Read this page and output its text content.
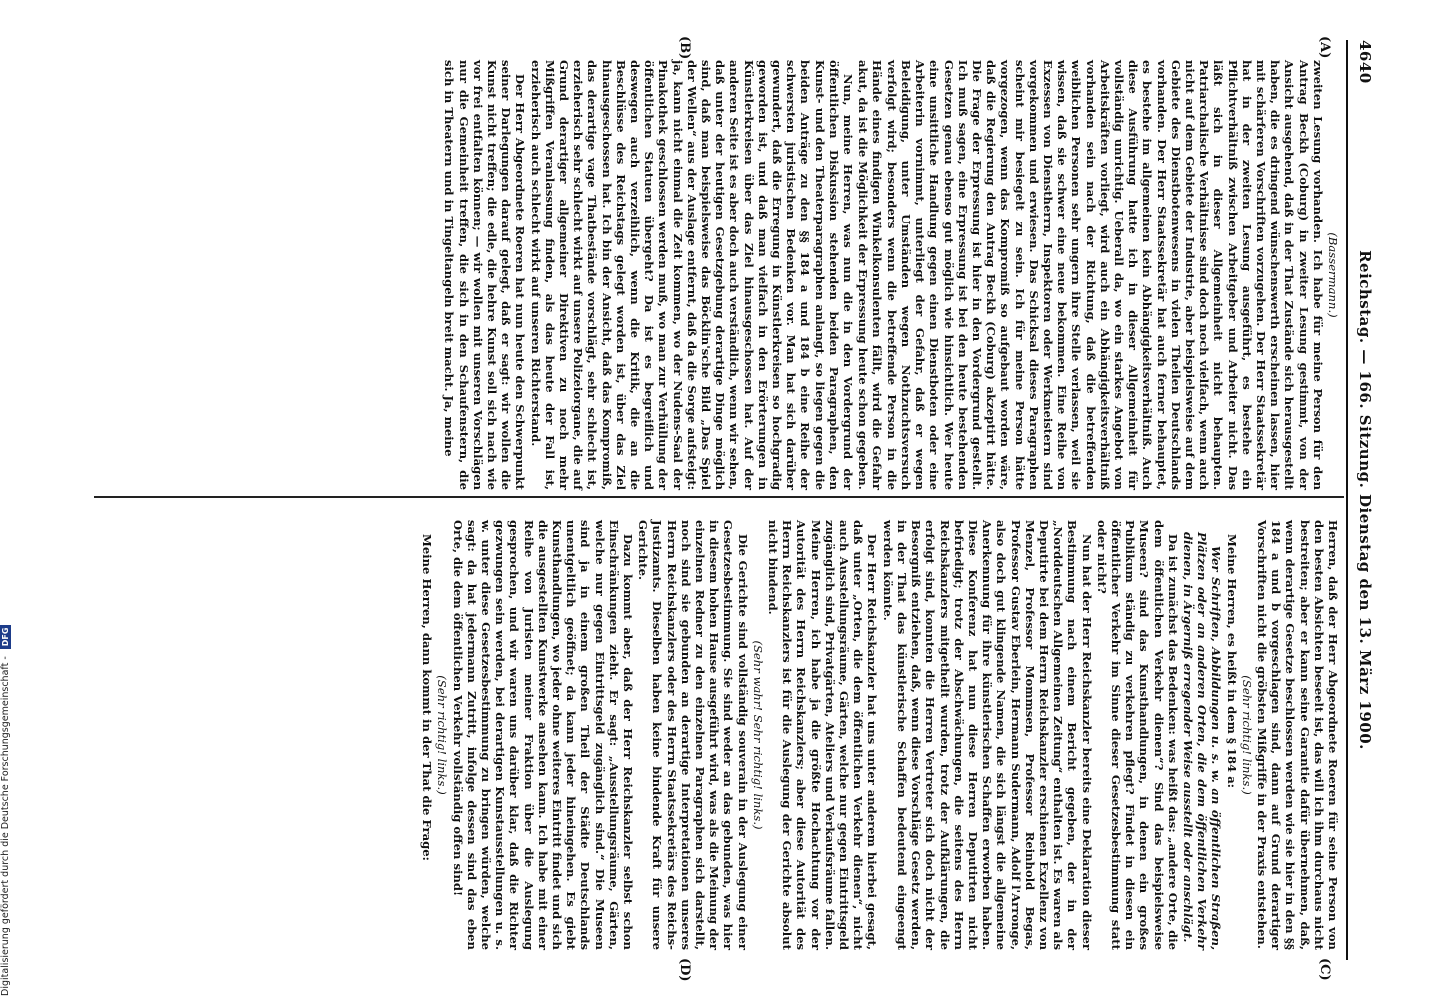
4640
Reichstag. — 166. Sitzung. Dienstag den 13. März 1900.
(A)
(B)
(C)
(D)

(Bassermann.)

zweiten Lesung vorhanden. Ich habe für meine Person für den Antrag Beckh (Coburg) in zweiter Lesung gestimmt, von der Ansicht ausgehend, daß in der That Zustände sich herausgestellt haben, die es dringend wünschenswerth erscheinen lassen, hier mit schärferen Vorschriften vorzugehen. Der Herr Staatssekretär hat in der zweiten Lesung ausgeführt, es bestehe ein Pflichtverhältniß zwischen Arbeitgeber und Arbeiter nicht. Das läßt sich in dieser Allgemeinheit nicht behaupten. Patriarchalische Verhältnisse sind doch noch vielfach, wenn auch nicht auf dem Gebiete der Industrie, aber beispielsweise auf dem Gebiete des Dienstbotenwesens in vielen Theilen Deutschlands vorhanden. Der Herr Staatssekretär hat auch ferner behauptet, es bestehe im allgemeinen kein Abhängigkeitsverhältniß. Auch diese Ausführung hatte ich in dieser Allgemeinheit für vollständig unrichtig. Ueberall da, wo ein starkes Angebot von Arbeitskräften vorliegt, wird auch ein Abhängigkeitsverhältniß vorhanden sein nach der Richtung, daß die betreffenden weiblichen Personen sehr ungern ihre Stelle verlassen, weil sie wissen, daß sie schwer eine neue bekommen. Eine Reihe von Exzessen von Dienstherrn, Inspektoren oder Werkmeistern sind vorgekommen und erwiesen. Das Schicksal dieses Paragraphen scheint mir besiegelt zu sein. Ich für meine Person hätte vorgezogen, wenn das Kompromiß so aufgebaut worden wäre, daß die Regierung den Antrag Beckh (Coburg) akzeptirt hätte. Die Frage der Erpressung ist hier in den Vordergrund gestellt. Ich muß sagen, eine Erpressung ist bei den heute bestehenden Gesetzen genau ebenso gut möglich wie hinsichtlich. Wer heute eine unsittliche Handlung gegen einen Dienstboten oder eine Arbeiterin vornimmt, unterliegt der Gefahr, daß er wegen Beleidigung, unter Umständen wegen Nothzuchtsversuch verfolgt wird; besonders wenn die betreffende Person in die Hände eines findigen Winkelkonsulenten fällt, wird die Gefahr akut, da ist die Möglichkeit der Erpressung heute schon gegeben.

Nun, meine Herren, was nun die in den Vordergrund der öffentlichen Diskussion stehenden beiden Paragraphen, den Kunst- und den Theaterparagraphen anlangt, so liegen gegen die beiden Anträge zu den §§ 184 a und 184 b eine Reihe der schwersten juristischen Bedenken vor. Man hat sich darüber gewundert, daß die Erregung in Künstlerkreisen so hochgradig geworden ist, und daß man vielfach in den Erörterungen in Künstlerkreisen über das Ziel hinausgeschossen hat. Auf der anderen Seite ist es aber doch auch verständlich, wenn wir sehen, daß unter der heutigen Gesetzgebung derartige Dinge möglich sind, daß man beispielsweise das Böcklin'sche Bild „Das Spiel der Wellen“ aus der Auslage entfernt, daß da die Sorge aufsteigt: ja, kann nicht einmal die Zeit kommen, wo der Nudens-Saal der Pinakothek geschlossen werden muß, wo man zur Verhüllung der öffentlichen Statuen übergeht? Da ist es begreiflich und deswegen auch verzeihlich, wenn die Kritik, die an die Beschlüsse des Reichstags gelegt worden ist, über das Ziel hinausgeschossen hat. Ich bin der Ansicht, daß das Kompromiß, das derartige vage Thatbestände vorschlägt, sehr schlecht ist, erzieherisch sehr schlecht wirkt auf unsere Polizeiorgane, die auf Grund derartiger allgemeiner Direktiven zu noch mehr Mißgriffen Veranlassung finden, als das heute der Fall ist, erzieherisch auch schlecht wirkt auf unseren Richterstand.

Der Herr Abgeordnete Roeren hat nun heute den Schwerpunkt seiner Darlegungen darauf gelegt, daß er sagt: wir wollen die Kunst nicht treffen; die edle, die hehre Kunst soll sich nach wie vor frei entfalten können; — wir wollen mit unseren Vorschlägen nur die Gemeinheit treffen, die sich in den Schaufenstern, die sich in Theatern und in Tingeltangeln breit macht. Ja, meine

Herren, daß der Herr Abgeordnete Roeren für seine Person von den besten Absichten beseelt ist, das will ich ihm durchaus nicht bestreiten; aber er kann seine Garantie dafür übernehmen, daß, wenn derartige Gesetze beschlossen werden wie sie hier in den §§ 184 a und b vorgeschlagen sind, dann auf Grund derartiger Vorschriften nicht die gröbsten Mißgriffe in der Praxis entstehen.

(Sehr richtig! links.)

Meine Herren, es heißt in dem § 184 a:

Wer Schriften, Abbildungen u. s. w. an öffentlichen Straßen, Plätzen oder an anderen Orten, die dem öffentlichen Verkehr dienen, in Ärgerniß erregender Weise ausstellt oder anschlägt.

Da ist zunächst das Bedenken: was heißt das: „andere Orte, die dem öffentlichen Verkehr dienen“? Sind das beispielsweise Museen? sind das Kunsthandlungen, in denen ein großes Publikum ständig zu verkehren pflegt? Findet in diesen ein öffentlicher Verkehr im Sinne dieser Gesetzesbestimmung statt oder nicht?

Nun hat der Herr Reichskanzler bereits eine Deklaration dieser Bestimmung nach einem Bericht gegeben, der in der „Norddeutschen Allgemeinen Zeitung“ enthalten ist. Es waren als Deputirte bei dem Herrn Reichskanzler erschienen Exzellenz von Menzel, Professor Mommsen, Professor Reinhold Begas, Professor Gustav Eberlein, Hermann Sudermann, Adolf l'Arronge, also doch gut klingende Namen, die sich längst die allgemeine Anerkennung für ihre künstlerischen Schaffen erworben haben. Diese Konferenz hat nun diese Herren Deputirten nicht befriedigt; trotz der Abschwächungen, die seitens des Herrn Reichskanzlers mitgetheilt wurden, trotz der Aufklärungen, die erfolgt sind, konnten die Herren Vertreter sich doch nicht der Besorgniß entziehen, daß, wenn diese Vorschläge Gesetz werden, in der That das künstlerische Schaffen bedeutend eingeengt werden könnte.

Der Herr Reichskanzler hat uns unter anderem hierbei gesagt, daß unter „Orten, die dem öffentlichen Verkehr dienen“, nicht auch Ausstellungsräume, Gärten, welche nur gegen Eintrittsgeld zugänglich sind, Privatgärten, Ateliers und Verkaufsräume fallen. Meine Herren, ich habe ja die größte Hochachtung vor der Autorität des Herrn Reichskanzlers; aber diese Autorität des Herrn Reichskanzlers ist für die Auslegung der Gerichte absolut nicht bindend.

(Sehr wahr! Sehr richtig! links.)

Die Gerichte sind vollständig souverain in der Auslegung einer Gesetzesbestimmung. Sie sind weder an das gebunden, was hier in diesem hohen Hause ausgeführt wird, was als die Meinung der einzelnen Redner zu den einzelnen Paragraphen sich darstellt, noch sind sie gebunden an derartige Interpretationen unseres Herrn Reichskanzlers oder des Herrn Staatssekretärs des Reichs-Justizamts. Dieselben haben keine bindende Kraft für unsere Gerichte.

Dazu kommt aber, daß der Herr Reichskanzler selbst schon Einschränkungen zieht. Er sagt: „Ausstellungsräume, Gärten, welche nur gegen Eintrittsgeld zugänglich sind.“ Die Museen sind ja in einem großen Theil der Städte Deutschlands unentgeltlich geöffnet; da kann jeder hineingehen. Es giebt Kunsthandlungen, wo jeder ohne weiteres Eintritt findet und sich die ausgestellten Kunstwerke ansehen kann. Ich habe mit einer Reihe von Juristen meiner Fraktion über die Auslegung gesprochen, und wir waren uns darüber klar, daß die Richter gezwungen sein werden, bei derartigen Kunstausstellungen u. s. w. unter diese Gesetzesbestimmung zu bringen würden, welche sagt: da hat jedermann Zutritt, infolge dessen sind das eben Orte, die dem öffentlichen Verkehr vollständig offen sind!

(Sehr richtig! links.)

Meine Herren, dann kommt in der That die Frage:

Digitalisierung gefördert durch die Deutsche Forschungsgemeinschaft - DFG
